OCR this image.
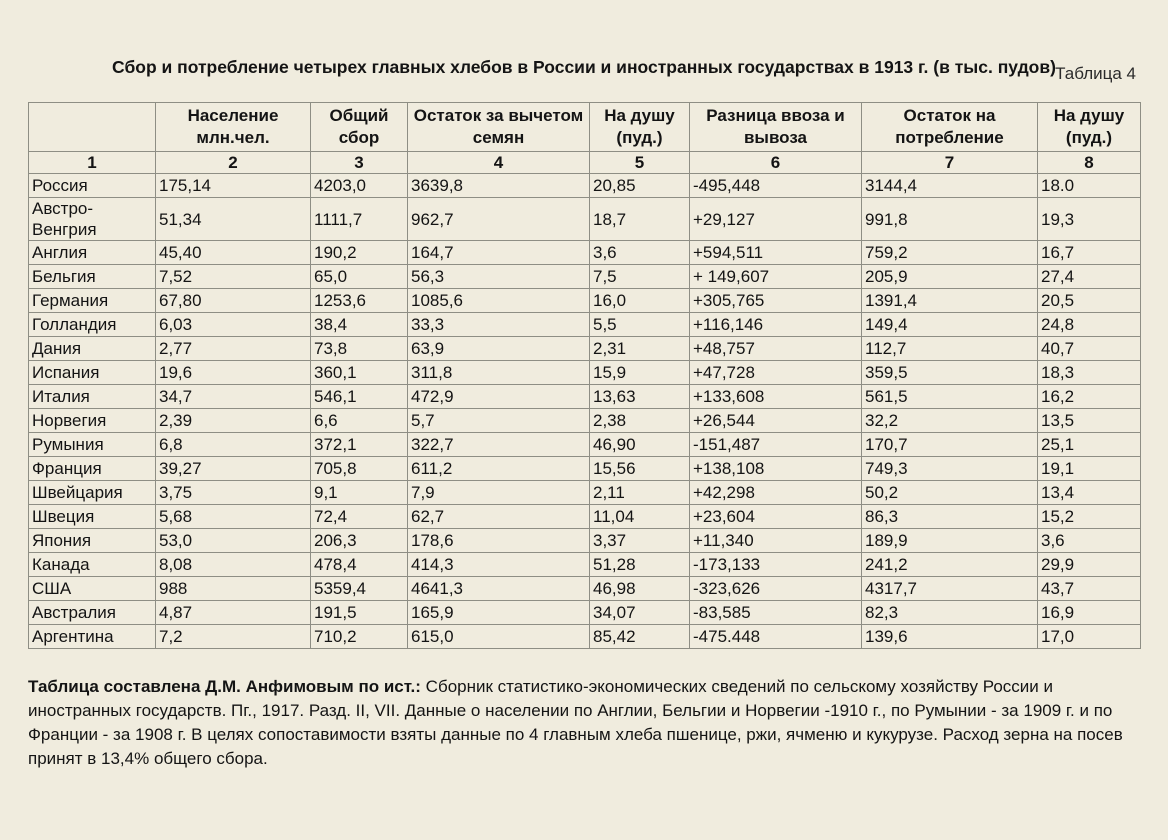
Таблица 4
Сбор и потребление четырех главных хлебов в России и иностранных государствах в 1913 г. (в тыс. пудов)
	Население млн.чел.	Общий сбор	Остаток за вычетом семян	На душу (пуд.)	Разница ввоза и вывоза	Остаток на потребление	На душу (пуд.)
1	2	3	4	5	6	7	8
Россия	175,14	4203,0	3639,8	20,85	-495,448	3144,4	18.0
Австро-Венгрия	51,34	1111,7	962,7	18,7	+29,127	991,8	19,3
Англия	45,40	190,2	164,7	3,6	+594,511	759,2	16,7
Бельгия	7,52	65,0	56,3	7,5	+ 149,607	205,9	27,4
Германия	67,80	1253,6	1085,6	16,0	+305,765	1391,4	20,5
Голландия	6,03	38,4	33,3	5,5	+116,146	149,4	24,8
Дания	2,77	73,8	63,9	2,31	+48,757	112,7	40,7
Испания	19,6	360,1	311,8	15,9	+47,728	359,5	18,3
Италия	34,7	546,1	472,9	13,63	+133,608	561,5	16,2
Норвегия	2,39	6,6	5,7	2,38	+26,544	32,2	13,5
Румыния	6,8	372,1	322,7	46,90	-151,487	170,7	25,1
Франция	39,27	705,8	611,2	15,56	+138,108	749,3	19,1
Швейцария	3,75	9,1	7,9	2,11	+42,298	50,2	13,4
Швеция	5,68	72,4	62,7	11,04	+23,604	86,3	15,2
Япония	53,0	206,3	178,6	3,37	+11,340	189,9	3,6
Канада	8,08	478,4	414,3	51,28	-173,133	241,2	29,9
США	988	5359,4	4641,3	46,98	-323,626	4317,7	43,7
Австралия	4,87	191,5	165,9	34,07	-83,585	82,3	16,9
Аргентина	7,2	710,2	615,0	85,42	-475.448	139,6	17,0

Таблица составлена Д.М. Анфимовым по ист.: Сборник статистико-экономических сведений по сельскому хозяйству России и иностранных государств. Пг., 1917. Разд. II, VII. Данные о населении по Англии, Бельгии и Норвегии -1910 г., по Румынии - за 1909 г. и по Франции - за 1908 г. В целях сопоставимости взяты данные по 4 главным хлеба пшенице, ржи, ячменю и кукурузе. Расход зерна на посев принят в 13,4% общего сбора.
